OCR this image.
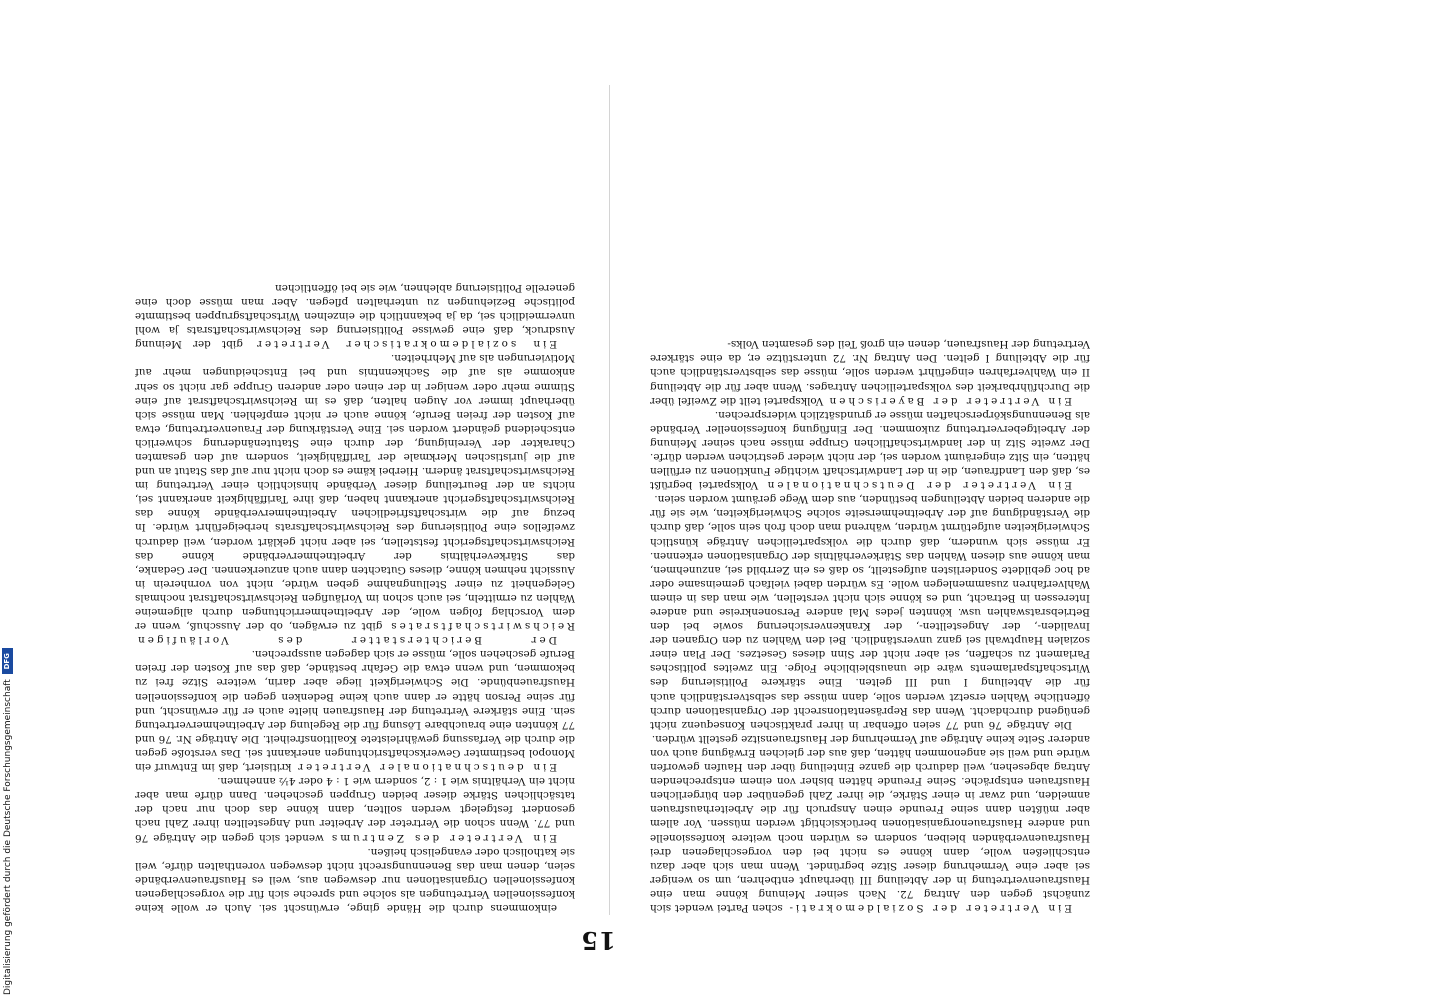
15

Ein Vertreter der Sozialdemokrati- schen Partei wendet sich zunächst gegen den Antrag 72. Nach seiner Meinung könne man eine Hausfrauenvertretung in der Abteilung III überhaupt entbehren, um so weniger sei aber eine Vermehrung dieser Sitze begründet. Wenn man sich aber dazu entschließen wolle, dann könne es nicht bei den vorgeschlagenen drei Hausfrauenverbänden bleiben, sondern es würden noch weitere konfessionelle und andere Hausfrauenorganisationen berücksichtigt werden müssen. Vor allem aber müßten dann seine Freunde einen Anspruch für die Arbeiterhausfrauen anmelden, und zwar in einer Stärke, die ihrer Zahl gegenüber den bürgerlichen Hausfrauen entspräche. Seine Freunde hätten bisher von einem entsprechenden Antrag abgesehen, weil dadurch die ganze Einteilung über den Haufen geworfen würde und weil sie angenommen hätten, daß aus der gleichen Erwägung auch von anderer Seite keine Anträge auf Vermehrung der Hausfrauensitze gestellt würden.

Die Anträge 76 und 77 seien offenbar in ihrer praktischen Konsequenz nicht genügend durchdacht. Wenn das Repräsentationsrecht der Organisationen durch öffentliche Wahlen ersetzt werden solle, dann müsse das selbstverständlich auch für die Abteilung I und III gelten. Eine stärkere Politisierung des Wirtschaftsparlaments wäre die unausbleibliche Folge. Ein zweites politisches Parlament zu schaffen, sei aber nicht der Sinn dieses Gesetzes. Der Plan einer sozialen Hauptwahl sei ganz unverständlich. Bei den Wahlen zu den Organen der Invaliden-, der Angestellten-, der Krankenversicherung sowie bei den Betriebsratswahlen usw. könnten jedes Mal andere Personenkreise und andere Interessen in Betracht, und es könne sich nicht verstellen, wie man das in einem Wahlverfahren zusammenlegen wolle. Es würden dabei vielfach gemeinsame oder ad hoc gebildete Sonderlisten aufgestellt, so daß es ein Zerrbild sei, anzunehmen, man könne aus diesen Wahlen das Stärkeverhältnis der Organisationen erkennen. Er müsse sich wundern, daß durch die volksparteilichen Anträge künstlich Schwierigkeiten aufgetürmt würden, während man doch froh sein solle, daß durch die Verständigung auf der Arbeitnehmerseite solche Schwierigkeiten, wie sie für die anderen beiden Abteilungen bestünden, aus dem Wege geräumt worden seien.

Ein Vertreter der Deutschnationalen Volkspartei begrüßt es, daß den Landfrauen, die in der Landwirtschaft wichtige Funktionen zu erfüllen hätten, ein Sitz eingeräumt worden sei, der nicht wieder gestrichen werden dürfe. Der zweite Sitz in der landwirtschaftlichen Gruppe müsse nach seiner Meinung der Arbeitgebervertretung zukommen. Der Einfügung konfessioneller Verbände als Benennungskörperschaften müsse er grundsätzlich widersprechen.

Ein Vertreter der Bayerischen Volkspartei teilt die Zweifel über die Durchführbarkeit des volksparteilichen Antrages. Wenn aber für die Abteilung II ein Wahlverfahren eingeführt werden solle, müsse das selbstverständlich auch für die Abteilung I gelten. Den Antrag Nr. 72 unterstütze er, da eine stärkere Vertretung der Hausfrauen, denen ein groß Teil des gesamten Volks-

einkommens durch die Hände ginge, erwünscht sei. Auch er wolle keine konfessionellen Vertretungen als solche und spreche sich für die vorgeschlagenen konfessionellen Organisationen nur deswegen aus, weil es Hausfrauenverbände seien, denen man das Benennungsrecht nicht deswegen vorenthalten dürfe, weil sie katholisch oder evangelisch heißen.

Ein Vertreter des Zentrums wendet sich gegen die Anträge 76 und 77. Wenn schon die Vertreter der Arbeiter und Angestellten ihrer Zahl nach gesondert festgelegt werden sollten, dann könne das doch nur nach der tatsächlichen Stärke dieser beiden Gruppen geschehen. Dann dürfe man aber nicht ein Verhältnis wie 1 : 2, sondern wie 1 : 4 oder 4½ annehmen.

Ein deutschnationaler Vertreter kritisiert, daß im Entwurf ein Monopol bestimmter Gewerkschaftsrichtungen anerkannt sei. Das verstoße gegen die durch die Verfassung gewährleistete Koalitionsfreiheit. Die Anträge Nr. 76 und 77 könnten eine brauchbare Lösung für die Regelung der Arbeitnehmervertretung sein. Eine stärkere Vertretung der Hausfrauen hielte auch er für erwünscht, und für seine Person hätte er dann auch keine Bedenken gegen die konfessionellen Hausfrauenbünde. Die Schwierigkeit liege aber darin, weitere Sitze frei zu bekommen, und wenn etwa die Gefahr bestände, daß das auf Kosten der freien Berufe geschehen solle, müsse er sich dagegen aussprechen.

Der Berichterstatter des Vorläufigen Reichswirtschaftsrates gibt zu erwägen, ob der Ausschuß, wenn er dem Vorschlag folgen wolle, der Arbeitnehmerrichtungen durch allgemeine Wahlen zu ermitteln, sei auch schon im Vorläufigen Reichswirtschaftsrat nochmals Gelegenheit zu einer Stellungnahme geben würde, nicht von vornherein in Aussicht nehmen könne, dieses Gutachten dann auch anzuerkennen. Der Gedanke, das Stärkeverhältnis der Arbeitnehmerverbände könne das Reichswirtschaftsgericht feststellen, sei aber nicht geklärt worden, weil dadurch zweifellos eine Politisierung des Reichswirtschaftsrats herbeigeführt würde. In bezug auf die wirtschaftsfriedlichen Arbeitnehmerverbände könne das Reichswirtschaftsgericht anerkannt haben, daß ihre Tariffähigkeit anerkannt sei, nichts an der Beurteilung dieser Verbände hinsichtlich einer Vertretung im Reichswirtschaftsrat ändern. Hierbei käme es doch nicht nur auf das Statut an und auf die juristischen Merkmale der Tariffähigkeit, sondern auf den gesamten Charakter der Vereinigung, der durch eine Statutenänderung schwerlich entscheidend geändert worden sei. Eine Verstärkung der Frauenvertretung, etwa auf Kosten der freien Berufe, könne auch er nicht empfehlen. Man müsse sich überhaupt immer vor Augen halten, daß es im Reichswirtschaftsrat auf eine Stimme mehr oder weniger in der einen oder anderen Gruppe gar nicht so sehr ankomme als auf die Sachkenntnis und bei Entscheidungen mehr auf Motivierungen als auf Mehrheiten.

Ein sozialdemokratischer Vertreter gibt der Meinung Ausdruck, daß eine gewisse Politisierung des Reichswirtschaftsrats ja wohl unvermeidlich sei, da ja bekanntlich die einzelnen Wirtschaftsgruppen bestimmte politische Beziehungen zu unterhalten pflegen. Aber man müsse doch eine generelle Politisierung ablehnen, wie sie bei öffentlichen

Digitalisierung gefördert durch die Deutsche Forschungsgemeinschaft
DFG
